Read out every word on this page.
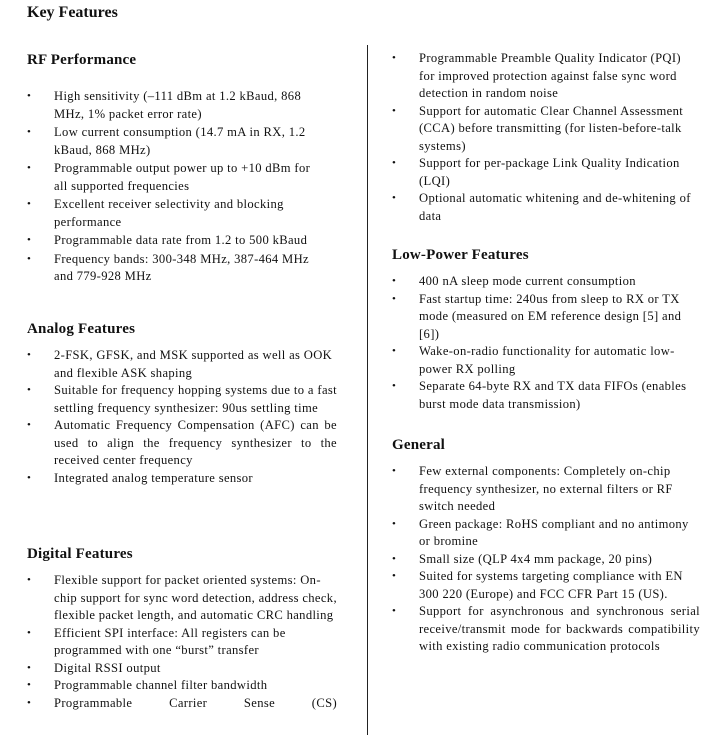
Key Features
RF Performance
• High sensitivity (–111 dBm at 1.2 kBaud, 868 MHz, 1% packet error rate)
• Low current consumption (14.7 mA in RX, 1.2 kBaud, 868 MHz)
• Programmable output power up to +10 dBm for all supported frequencies
• Excellent receiver selectivity and blocking performance
• Programmable data rate from 1.2 to 500 kBaud
• Frequency bands: 300-348 MHz, 387-464 MHz and 779-928 MHz
Analog Features
• 2-FSK, GFSK, and MSK supported as well as OOK and flexible ASK shaping
• Suitable for frequency hopping systems due to a fast settling frequency synthesizer: 90us settling time
• Automatic Frequency Compensation (AFC) can be used to align the frequency synthesizer to the received center frequency
• Integrated analog temperature sensor
Digital Features
• Flexible support for packet oriented systems: On-chip support for sync word detection, address check, flexible packet length, and automatic CRC handling
• Efficient SPI interface: All registers can be programmed with one “burst” transfer
• Digital RSSI output
• Programmable channel filter bandwidth
• Programmable Carrier Sense (CS)
• Programmable Preamble Quality Indicator (PQI) for improved protection against false sync word detection in random noise
• Support for automatic Clear Channel Assessment (CCA) before transmitting (for listen-before-talk systems)
• Support for per-package Link Quality Indication (LQI)
• Optional automatic whitening and de-whitening of data
Low-Power Features
• 400 nA sleep mode current consumption
• Fast startup time: 240us from sleep to RX or TX mode (measured on EM reference design [5] and [6])
• Wake-on-radio functionality for automatic low-power RX polling
• Separate 64-byte RX and TX data FIFOs (enables burst mode data transmission)
General
• Few external components: Completely on-chip frequency synthesizer, no external filters or RF switch needed
• Green package: RoHS compliant and no antimony or bromine
• Small size (QLP 4x4 mm package, 20 pins)
• Suited for systems targeting compliance with EN 300 220 (Europe) and FCC CFR Part 15 (US).
• Support for asynchronous and synchronous serial receive/transmit mode for backwards compatibility with existing radio communication protocols
